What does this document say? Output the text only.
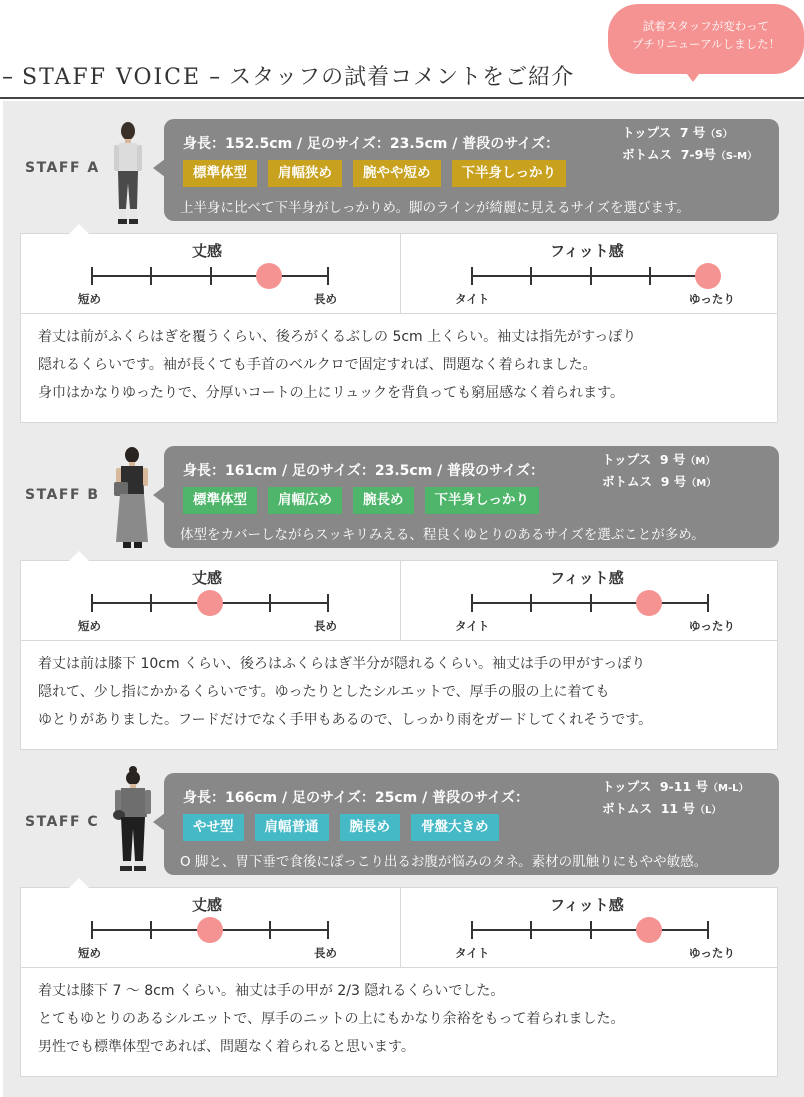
– STAFF VOICE – スタッフの試着コメントをご紹介
試着スタッフが変わって
プチリニューアルしました！
STAFF A
身長：152.5cm / 足のサイズ：23.5cm / 普段のサイズ：
トップス 7 号（S）
ボトムス 7-9号（S-M）
標準体型	肩幅狭め	腕やや短め	下半身しっかり
上半身に比べて下半身がしっかりめ。脚のラインが綺麗に見えるサイズを選びます。
丈感
短め	長め
フィット感
タイト	ゆったり
着丈は前がふくらはぎを覆うくらい、後ろがくるぶしの 5cm 上くらい。袖丈は指先がすっぽり
隠れるくらいです。袖が長くても手首のベルクロで固定すれば、問題なく着られました。
身巾はかなりゆったりで、分厚いコートの上にリュックを背負っても窮屈感なく着られます。
STAFF B
身長：161cm / 足のサイズ：23.5cm / 普段のサイズ：
トップス 9 号（M）
ボトムス 9 号（M）
標準体型	肩幅広め	腕長め	下半身しっかり
体型をカバーしながらスッキリみえる、程良くゆとりのあるサイズを選ぶことが多め。
丈感
短め	長め
フィット感
タイト	ゆったり
着丈は前は膝下 10cm くらい、後ろはふくらはぎ半分が隠れるくらい。袖丈は手の甲がすっぽり
隠れて、少し指にかかるくらいです。ゆったりとしたシルエットで、厚手の服の上に着ても
ゆとりがありました。フードだけでなく手甲もあるので、しっかり雨をガードしてくれそうです。
STAFF C
身長：166cm / 足のサイズ：25cm / 普段のサイズ：
トップス 9-11 号（M-L）
ボトムス 11 号（L）
やせ型	肩幅普通	腕長め	骨盤大きめ
O 脚と、胃下垂で食後にぽっこり出るお腹が悩みのタネ。素材の肌触りにもやや敏感。
丈感
短め	長め
フィット感
タイト	ゆったり
着丈は膝下 7 〜 8cm くらい。袖丈は手の甲が 2/3 隠れるくらいでした。
とてもゆとりのあるシルエットで、厚手のニットの上にもかなり余裕をもって着られました。
男性でも標準体型であれば、問題なく着られると思います。
